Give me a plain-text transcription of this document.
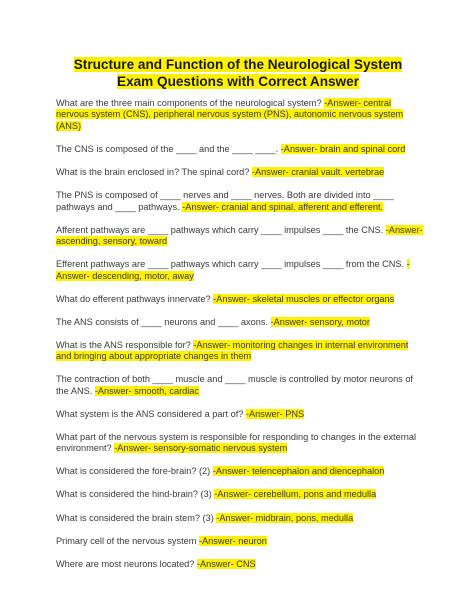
Structure and Function of the Neurological System
Exam Questions with Correct Answer

What are the three main components of the neurological system? -Answer- central nervous system (CNS), peripheral nervous system (PNS), autonomic nervous system (ANS)

The CNS is composed of the ____ and the ____ ____. -Answer- brain and spinal cord

What is the brain enclosed in? The spinal cord? -Answer- cranial vault. vertebrae

The PNS is composed of ____ nerves and ____ nerves. Both are divided into ____ pathways and ____ pathways. -Answer- cranial and spinal. afferent and efferent.

Afferent pathways are ____ pathways which carry ____ impulses ____ the CNS. -Answer- ascending, sensory, toward

Efferent pathways are ____ pathways which carry ____ impulses ____ from the CNS. -Answer- descending, motor, away

What do efferent pathways innervate? -Answer- skeletal muscles or effector organs

The ANS consists of ____ neurons and ____ axons. -Answer- sensory, motor

What is the ANS responsible for? -Answer- monitoring changes in internal environment and bringing about appropriate changes in them

The contraction of both ____ muscle and ____ muscle is controlled by motor neurons of the ANS. -Answer- smooth, cardiac

What system is the ANS considered a part of? -Answer- PNS

What part of the nervous system is responsible for responding to changes in the external environment? -Answer- sensory-somatic nervous system

What is considered the fore-brain? (2) -Answer- telencephalon and diencephalon

What is considered the hind-brain? (3) -Answer- cerebellum, pons and medulla

What is considered the brain stem? (3) -Answer- midbrain, pons, medulla

Primary cell of the nervous system -Answer- neuron

Where are most neurons located? -Answer- CNS
